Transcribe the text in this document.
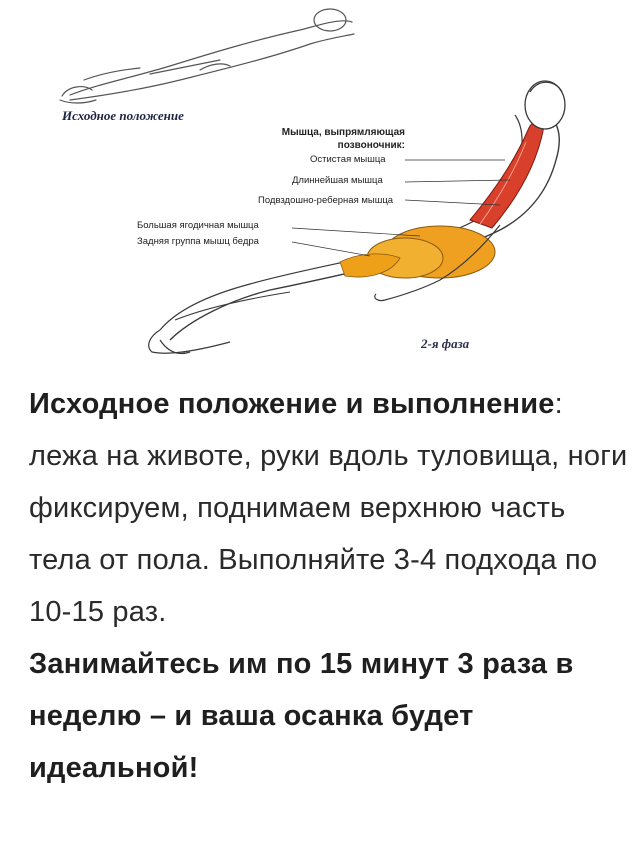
Исходное положение
Мышца, выпрямляющая
позвоночник:
Остистая мышца
Длиннейшая мышца
Подвздошно-реберная мышца
Большая ягодичная мышца
Задняя группа мышц бедра
2-я фаза
Исходное положение и выполнение: лежа на животе, руки вдоль туловища, ноги фиксируем, поднимаем верхнюю часть тела от пола. Выполняйте 3-4 подхода по 10-15 раз.
Занимайтесь им по 15 минут 3 раза в неделю – и ваша осанка будет идеальной!
